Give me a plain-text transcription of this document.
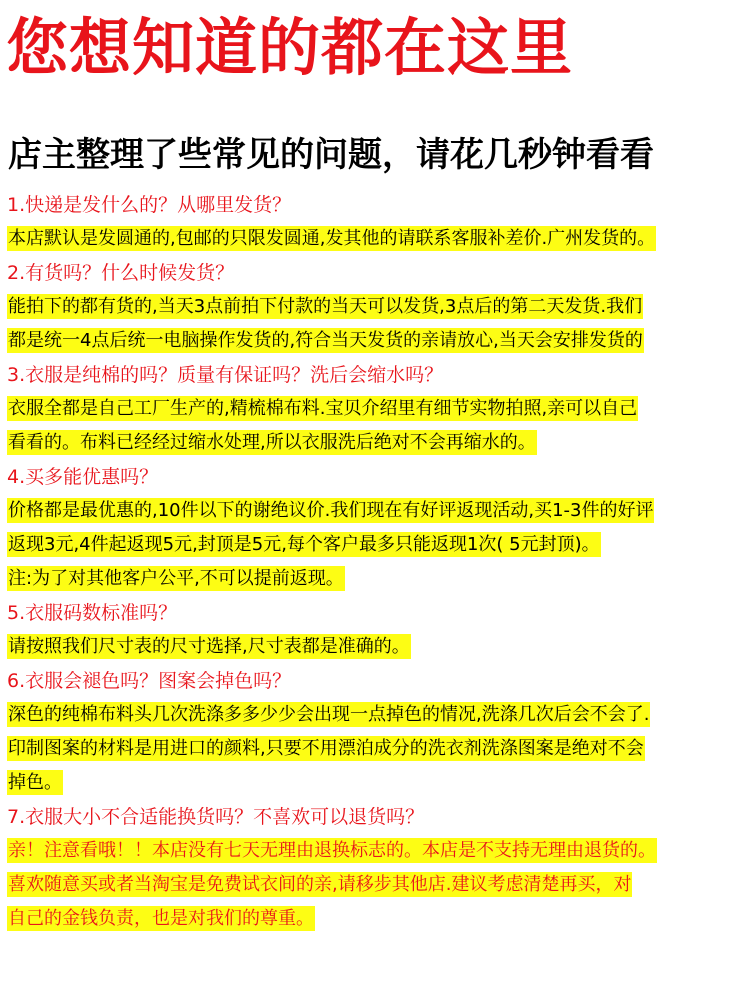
您想知道的都在这里
店主整理了些常见的问题，请花几秒钟看看
1.快递是发什么的？从哪里发货？
本店默认是发圆通的,包邮的只限发圆通,发其他的请联系客服补差价.广州发货的。
2.有货吗？什么时候发货？
能拍下的都有货的,当天3点前拍下付款的当天可以发货,3点后的第二天发货.我们
都是统一4点后统一电脑操作发货的,符合当天发货的亲请放心,当天会安排发货的
3.衣服是纯棉的吗？质量有保证吗？洗后会缩水吗？
衣服全都是自己工厂生产的,精梳棉布料.宝贝介绍里有细节实物拍照,亲可以自己
看看的。布料已经经过缩水处理,所以衣服洗后绝对不会再缩水的。
4.买多能优惠吗？
价格都是最优惠的,10件以下的谢绝议价.我们现在有好评返现活动,买1-3件的好评
返现3元,4件起返现5元,封顶是5元,每个客户最多只能返现1次( 5元封顶)。
注:为了对其他客户公平,不可以提前返现。
5.衣服码数标准吗？
请按照我们尺寸表的尺寸选择,尺寸表都是准确的。
6.衣服会褪色吗？图案会掉色吗？
深色的纯棉布料头几次洗涤多多少少会出现一点掉色的情况,洗涤几次后会不会了.
印制图案的材料是用进口的颜料,只要不用漂泊成分的洗衣剂洗涤图案是绝对不会
掉色。
7.衣服大小不合适能换货吗？不喜欢可以退货吗？
亲！注意看哦！！本店没有七天无理由退换标志的。本店是不支持无理由退货的。
喜欢随意买或者当淘宝是免费试衣间的亲,请移步其他店.建议考虑清楚再买，对
自己的金钱负责，也是对我们的尊重。
